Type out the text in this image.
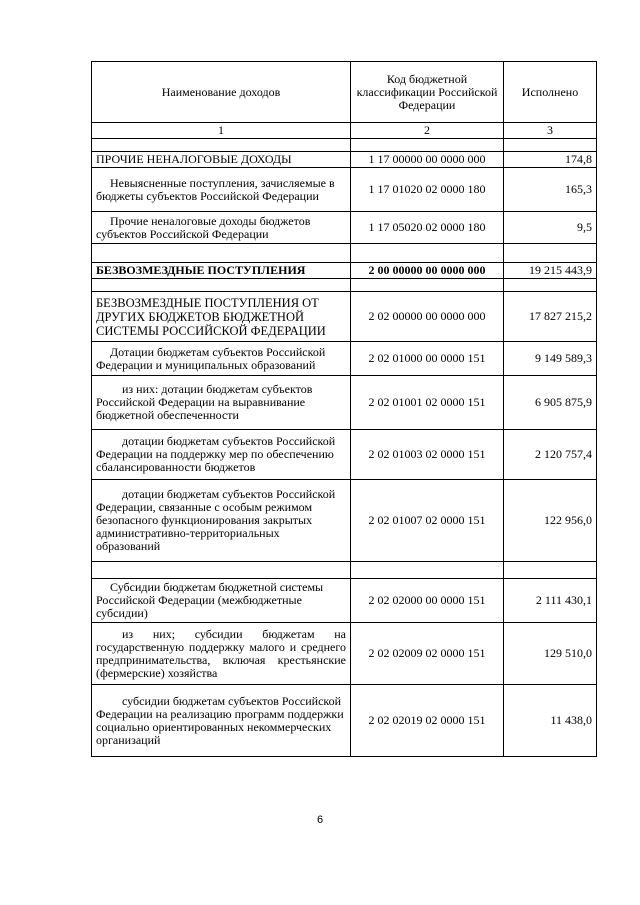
Наименование доходов	Код бюджетной классификации Российской Федерации	Исполнено
1	2	3

ПРОЧИЕ НЕНАЛОГОВЫЕ ДОХОДЫ	1 17 00000 00 0000 000	174,8
Невыясненные поступления, зачисляемые в бюджеты субъектов Российской Федерации	1 17 01020 02 0000 180	165,3
Прочие неналоговые доходы бюджетов субъектов Российской Федерации	1 17 05020 02 0000 180	9,5

БЕЗВОЗМЕЗДНЫЕ ПОСТУПЛЕНИЯ	2 00 00000 00 0000 000	19 215 443,9

БЕЗВОЗМЕЗДНЫЕ ПОСТУПЛЕНИЯ ОТ ДРУГИХ БЮДЖЕТОВ БЮДЖЕТНОЙ СИСТЕМЫ РОССИЙСКОЙ ФЕДЕРАЦИИ	2 02 00000 00 0000 000	17 827 215,2
Дотации бюджетам субъектов Российской Федерации и муниципальных образований	2 02 01000 00 0000 151	9 149 589,3
из них: дотации бюджетам субъектов Российской Федерации на выравнивание бюджетной обеспеченности	2 02 01001 02 0000 151	6 905 875,9
дотации бюджетам субъектов Российской Федерации на поддержку мер по обеспечению сбалансированности бюджетов	2 02 01003 02 0000 151	2 120 757,4
дотации бюджетам субъектов Российской Федерации, связанные с особым режимом безопасного функционирования закрытых административно-территориальных образований	2 02 01007 02 0000 151	122 956,0

Субсидии бюджетам бюджетной системы Российской Федерации (межбюджетные субсидии)	2 02 02000 00 0000 151	2 111 430,1
из них; субсидии бюджетам на государственную поддержку малого и среднего предпринимательства, включая крестьянские (фермерские) хозяйства	2 02 02009 02 0000 151	129 510,0
субсидии бюджетам субъектов Российской Федерации на реализацию программ поддержки социально ориентированных некоммерческих организаций	2 02 02019 02 0000 151	11 438,0
6
